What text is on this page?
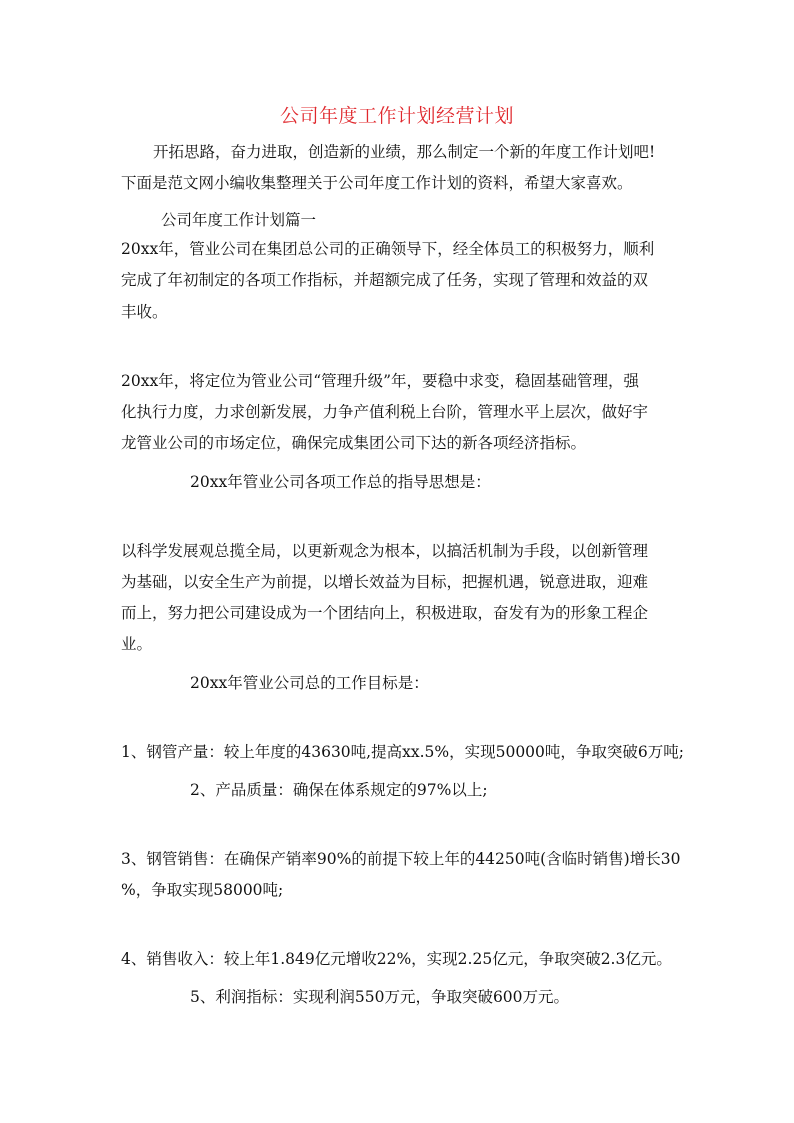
公司年度工作计划经营计划
开拓思路，奋力进取，创造新的业绩，那么制定一个新的年度工作计划吧!
下面是范文网小编收集整理关于公司年度工作计划的资料，希望大家喜欢。
公司年度工作计划篇一
20xx年，管业公司在集团总公司的正确领导下，经全体员工的积极努力，顺利
完成了年初制定的各项工作指标，并超额完成了任务，实现了管理和效益的双
丰收。
20xx年，将定位为管业公司“管理升级”年，要稳中求变，稳固基础管理，强
化执行力度，力求创新发展，力争产值利税上台阶，管理水平上层次，做好宇
龙管业公司的市场定位，确保完成集团公司下达的新各项经济指标。
20xx年管业公司各项工作总的指导思想是：
以科学发展观总揽全局，以更新观念为根本，以搞活机制为手段，以创新管理
为基础，以安全生产为前提，以增长效益为目标，把握机遇，锐意进取，迎难
而上，努力把公司建设成为一个团结向上，积极进取，奋发有为的形象工程企
业。
20xx年管业公司总的工作目标是：
1、钢管产量：较上年度的43630吨,提高xx.5%，实现50000吨，争取突破6万吨;
2、产品质量：确保在体系规定的97%以上;
3、钢管销售：在确保产销率90%的前提下较上年的44250吨(含临时销售)增长30
%，争取实现58000吨;
4、销售收入：较上年1.849亿元增收22%，实现2.25亿元，争取突破2.3亿元。
5、利润指标：实现利润550万元，争取突破600万元。
